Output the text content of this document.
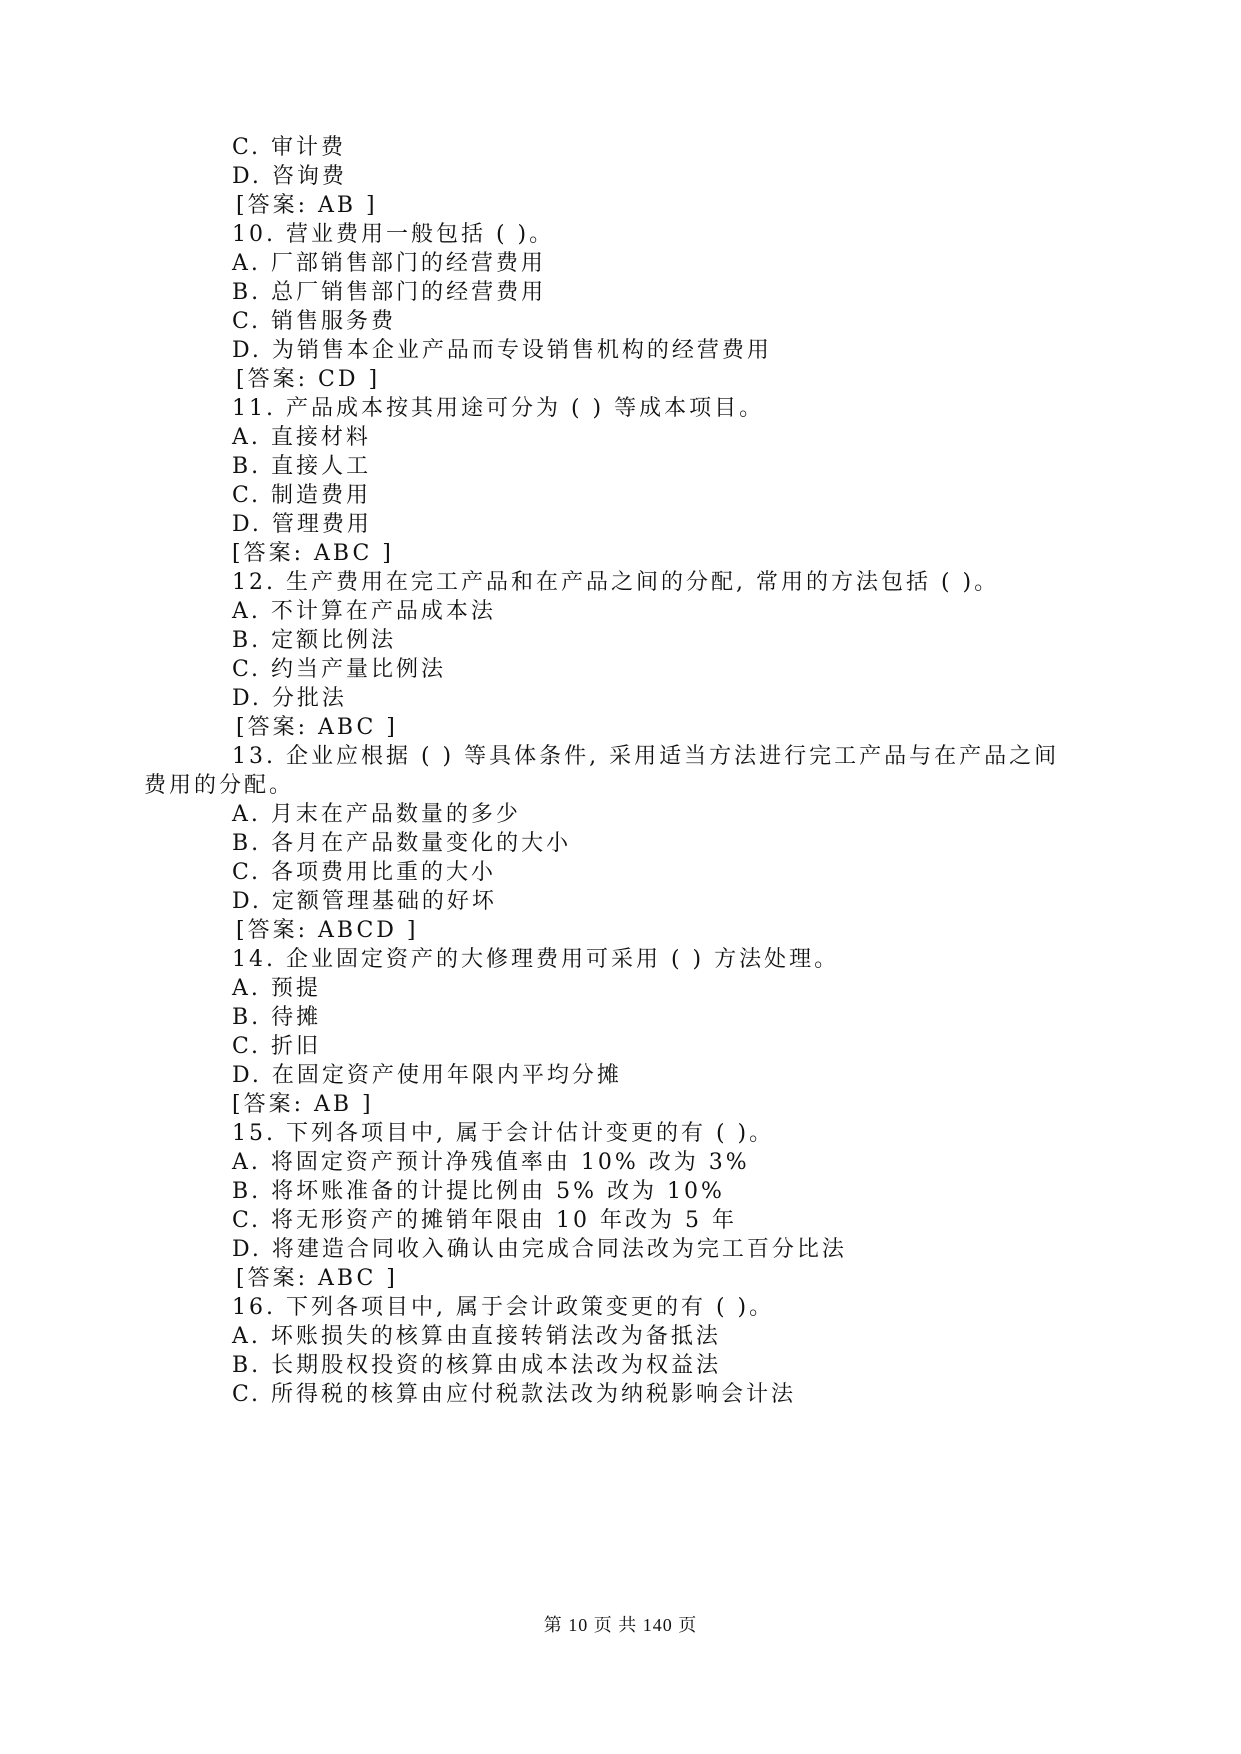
C. 审计费
D. 咨询费
[答案: AB ]
10. 营业费用一般包括 ( )。
A. 厂部销售部门的经营费用
B. 总厂销售部门的经营费用
C. 销售服务费
D. 为销售本企业产品而专设销售机构的经营费用
[答案: CD ]
11. 产品成本按其用途可分为 ( ) 等成本项目。
A. 直接材料
B. 直接人工
C. 制造费用
D. 管理费用
[答案: ABC ]
12. 生产费用在完工产品和在产品之间的分配, 常用的方法包括 ( )。
A. 不计算在产品成本法
B. 定额比例法
C. 约当产量比例法
D. 分批法
[答案: ABC ]
13. 企业应根据 ( ) 等具体条件, 采用适当方法进行完工产品与在产品之间
费用的分配。
A. 月末在产品数量的多少
B. 各月在产品数量变化的大小
C. 各项费用比重的大小
D. 定额管理基础的好坏
[答案: ABCD ]
14. 企业固定资产的大修理费用可采用 ( ) 方法处理。
A. 预提
B. 待摊
C. 折旧
D. 在固定资产使用年限内平均分摊
[答案: AB ]
15. 下列各项目中, 属于会计估计变更的有 ( )。
A. 将固定资产预计净残值率由 10% 改为 3%
B. 将坏账准备的计提比例由 5% 改为 10%
C. 将无形资产的摊销年限由 10 年改为 5 年
D. 将建造合同收入确认由完成合同法改为完工百分比法
[答案: ABC ]
16. 下列各项目中, 属于会计政策变更的有 ( )。
A. 坏账损失的核算由直接转销法改为备抵法
B. 长期股权投资的核算由成本法改为权益法
C. 所得税的核算由应付税款法改为纳税影响会计法
第 10 页 共 140 页
